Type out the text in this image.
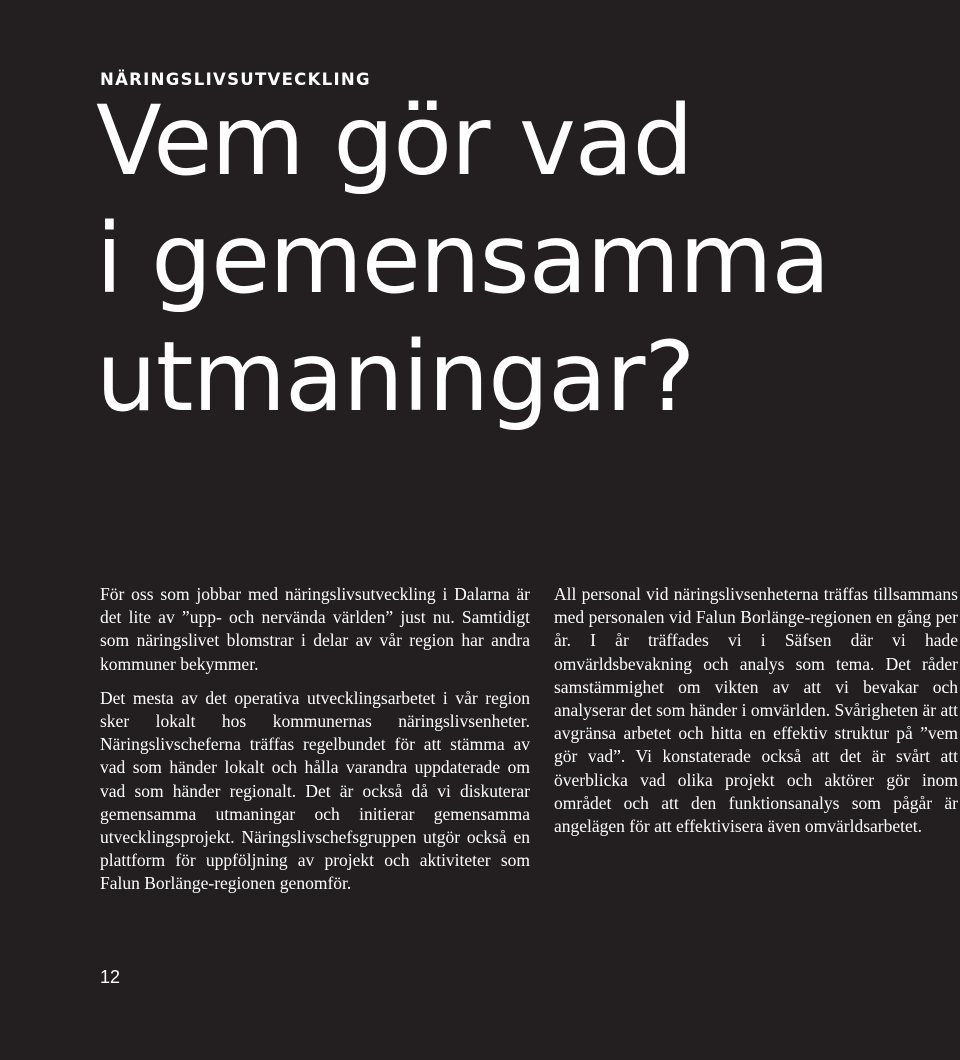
NÄRINGSLIVSUTVECKLING
Vem gör vad
i gemensamma
utmaningar?

För oss som jobbar med näringslivsutveckling i Dalarna är det lite av ”upp- och nervända världen” just nu. Samtidigt som näringslivet blomstrar i delar av vår region har andra kommuner bekymmer.

Det mesta av det operativa utvecklingsarbetet i vår region sker lokalt hos kommunernas näringslivsenheter. Näringslivscheferna träffas regelbundet för att stämma av vad som händer lokalt och hålla varandra uppdaterade om vad som händer regionalt. Det är också då vi diskuterar gemensamma utmaningar och initierar gemensamma utvecklingsprojekt. Näringslivschefsgruppen utgör också en plattform för uppföljning av projekt och aktiviteter som Falun Borlänge-regionen genomför.

All personal vid näringslivsenheterna träffas tillsammans med personalen vid Falun Borlänge-regionen en gång per år. I år träffades vi i Säfsen där vi hade omvärldsbevakning och analys som tema. Det råder samstämmighet om vikten av att vi bevakar och analyserar det som händer i omvärlden. Svårigheten är att avgränsa arbetet och hitta en effektiv struktur på ”vem gör vad”. Vi konstaterade också att det är svårt att överblicka vad olika projekt och aktörer gör inom området och att den funktionsanalys som pågår är angelägen för att effektivisera även omvärldsarbetet.

12
